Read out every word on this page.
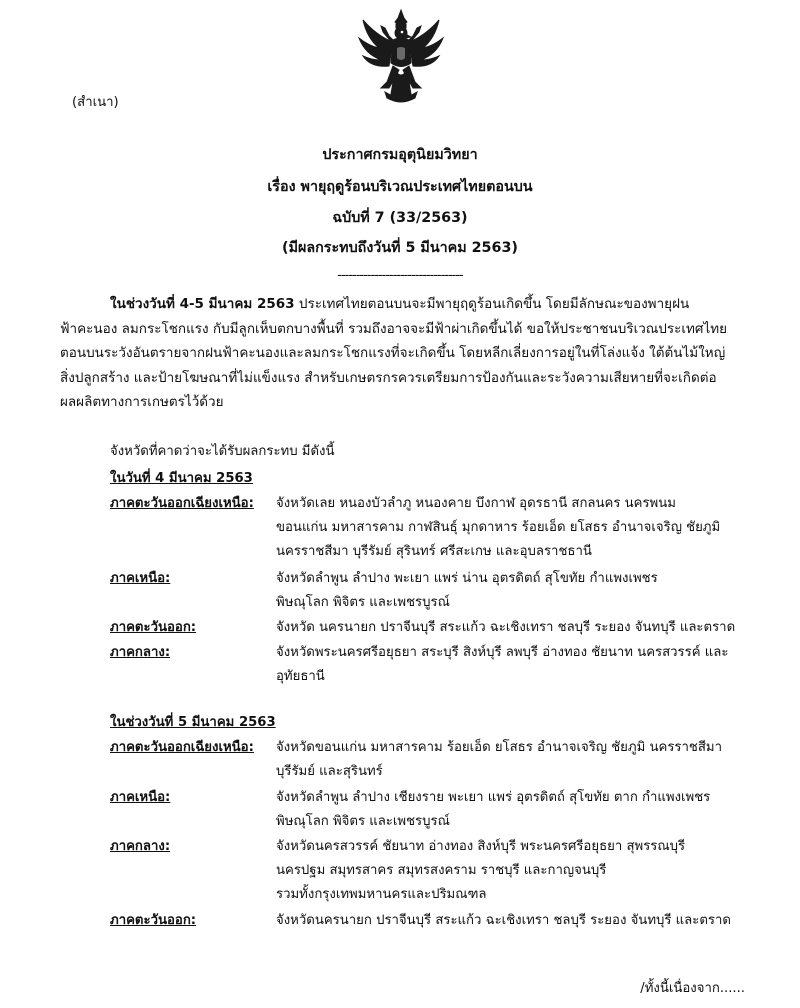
(สำเนา)
ประกาศกรมอุตุนิยมวิทยา
เรื่อง พายุฤดูร้อนบริเวณประเทศไทยตอนบน
ฉบับที่ 7 (33/2563)
(มีผลกระทบถึงวันที่ 5 มีนาคม 2563)
----------------------------------
ในช่วงวันที่ 4-5 มีนาคม 2563 ประเทศไทยตอนบนจะมีพายุฤดูร้อนเกิดขึ้น โดยมีลักษณะของพายุฝน
ฟ้าคะนอง ลมกระโชกแรง กับมีลูกเห็บตกบางพื้นที่ รวมถึงอาจจะมีฟ้าผ่าเกิดขึ้นได้ ขอให้ประชาชนบริเวณประเทศไทย
ตอนบนระวังอันตรายจากฝนฟ้าคะนองและลมกระโชกแรงที่จะเกิดขึ้น โดยหลีกเลี่ยงการอยู่ในที่โล่งแจ้ง ใต้ต้นไม้ใหญ่
สิ่งปลูกสร้าง และป้ายโฆษณาที่ไม่แข็งแรง สำหรับเกษตรกรควรเตรียมการป้องกันและระวังความเสียหายที่จะเกิดต่อ
ผลผลิตทางการเกษตรไว้ด้วย
จังหวัดที่คาดว่าจะได้รับผลกระทบ มีดังนี้
ในวันที่ 4 มีนาคม 2563
ภาคตะวันออกเฉียงเหนือ:	จังหวัดเลย หนองบัวลำภู หนองคาย บึงกาฬ อุดรธานี สกลนคร นครพนม
ขอนแก่น มหาสารคาม กาฬสินธุ์ มุกดาหาร ร้อยเอ็ด ยโสธร อำนาจเจริญ ชัยภูมิ
นครราชสีมา บุรีรัมย์ สุรินทร์ ศรีสะเกษ และอุบลราชธานี
ภาคเหนือ:	จังหวัดลำพูน ลำปาง พะเยา แพร่ น่าน อุตรดิตถ์ สุโขทัย กำแพงเพชร
พิษณุโลก พิจิตร และเพชรบูรณ์
ภาคตะวันออก:	จังหวัด นครนายก ปราจีนบุรี สระแก้ว ฉะเชิงเทรา ชลบุรี ระยอง จันทบุรี และตราด
ภาคกลาง:	จังหวัดพระนครศรีอยุธยา สระบุรี สิงห์บุรี ลพบุรี อ่างทอง ชัยนาท นครสวรรค์ และ
อุทัยธานี
ในช่วงวันที่ 5 มีนาคม 2563
ภาคตะวันออกเฉียงเหนือ:	จังหวัดขอนแก่น มหาสารคาม ร้อยเอ็ด ยโสธร อำนาจเจริญ ชัยภูมิ นครราชสีมา
บุรีรัมย์ และสุรินทร์
ภาคเหนือ:	จังหวัดลำพูน ลำปาง เชียงราย พะเยา แพร่ อุตรดิตถ์ สุโขทัย ตาก กำแพงเพชร
พิษณุโลก พิจิตร และเพชรบูรณ์
ภาคกลาง:	จังหวัดนครสวรรค์ ชัยนาท อ่างทอง สิงห์บุรี พระนครศรีอยุธยา สุพรรณบุรี
นครปฐม สมุทรสาคร สมุทรสงคราม ราชบุรี และกาญจนบุรี
รวมทั้งกรุงเทพมหานครและปริมณฑล
ภาคตะวันออก:	จังหวัดนครนายก ปราจีนบุรี สระแก้ว ฉะเชิงเทรา ชลบุรี ระยอง จันทบุรี และตราด
/ทั้งนี้เนื่องจาก......
